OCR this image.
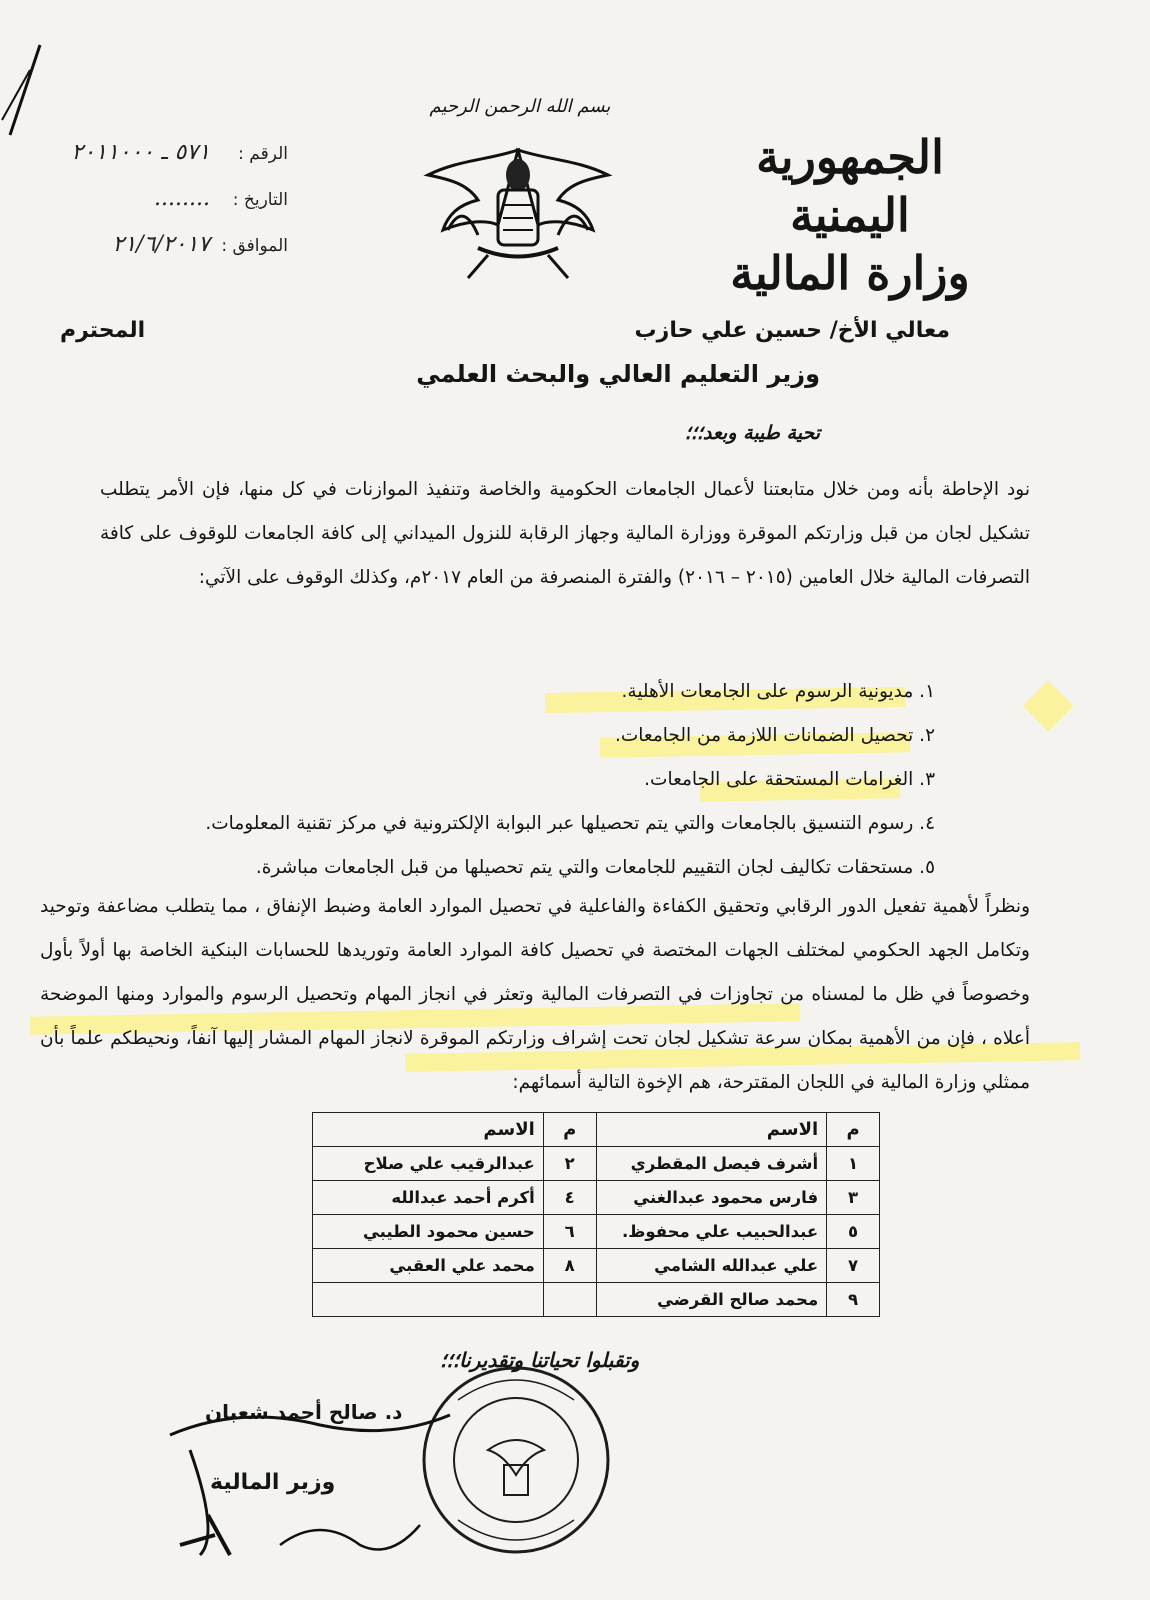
الجمهورية اليمنية
وزارة المالية
بسم الله الرحمن الرحيم
الرقم :
٥٧١ ـ ٢٠١١٠٠٠
التاريخ :
........
الموافق :
٢١/٦/٢٠١٧
معالي الأخ/ حسين علي حازب
المحترم
وزير التعليم العالي والبحث العلمي
تحية طيبة وبعد؛؛؛
نود الإحاطة بأنه ومن خلال متابعتنا لأعمال الجامعات الحكومية والخاصة وتنفيذ الموازنات في كل منها، فإن الأمر يتطلب تشكيل لجان من قبل وزارتكم الموقرة ووزارة المالية وجهاز الرقابة للنزول الميداني إلى كافة الجامعات للوقوف على كافة التصرفات المالية خلال العامين (٢٠١٥ – ٢٠١٦) والفترة المنصرفة من العام ٢٠١٧م، وكذلك الوقوف على الآتي:
١. مديونية الرسوم على الجامعات الأهلية.
٢. تحصيل الضمانات اللازمة من الجامعات.
٣. الغرامات المستحقة على الجامعات.
٤. رسوم التنسيق بالجامعات والتي يتم تحصيلها عبر البوابة الإلكترونية في مركز تقنية المعلومات.
٥. مستحقات تكاليف لجان التقييم للجامعات والتي يتم تحصيلها من قبل الجامعات مباشرة.
ونظراً لأهمية تفعيل الدور الرقابي وتحقيق الكفاءة والفاعلية في تحصيل الموارد العامة وضبط الإنفاق ، مما يتطلب مضاعفة وتوحيد وتكامل الجهد الحكومي لمختلف الجهات المختصة في تحصيل كافة الموارد العامة وتوريدها للحسابات البنكية الخاصة بها أولاً بأول وخصوصاً في ظل ما لمسناه من تجاوزات في التصرفات المالية وتعثر في انجاز المهام وتحصيل الرسوم والموارد ومنها الموضحة أعلاه ، فإن من الأهمية بمكان سرعة تشكيل لجان تحت إشراف وزارتكم الموقرة لانجاز المهام المشار إليها آنفاً، ونحيطكم علماً بأن ممثلي وزارة المالية في اللجان المقترحة، هم الإخوة التالية أسمائهم:
م	الاسم	م	الاسم
١	أشرف فيصل المقطري	٢	عبدالرقيب علي صلاح
٣	فارس محمود عبدالغني	٤	أكرم أحمد عبدالله
٥	عبدالحبيب علي محفوظ.	٦	حسين محمود الطيبي
٧	علي عبدالله الشامي	٨	محمد علي العقبي
٩	محمد صالح القرضي		
وتقبلوا تحياتنا وتقديرنا؛؛؛
د. صالح أحمد شعبان
وزير المالية
